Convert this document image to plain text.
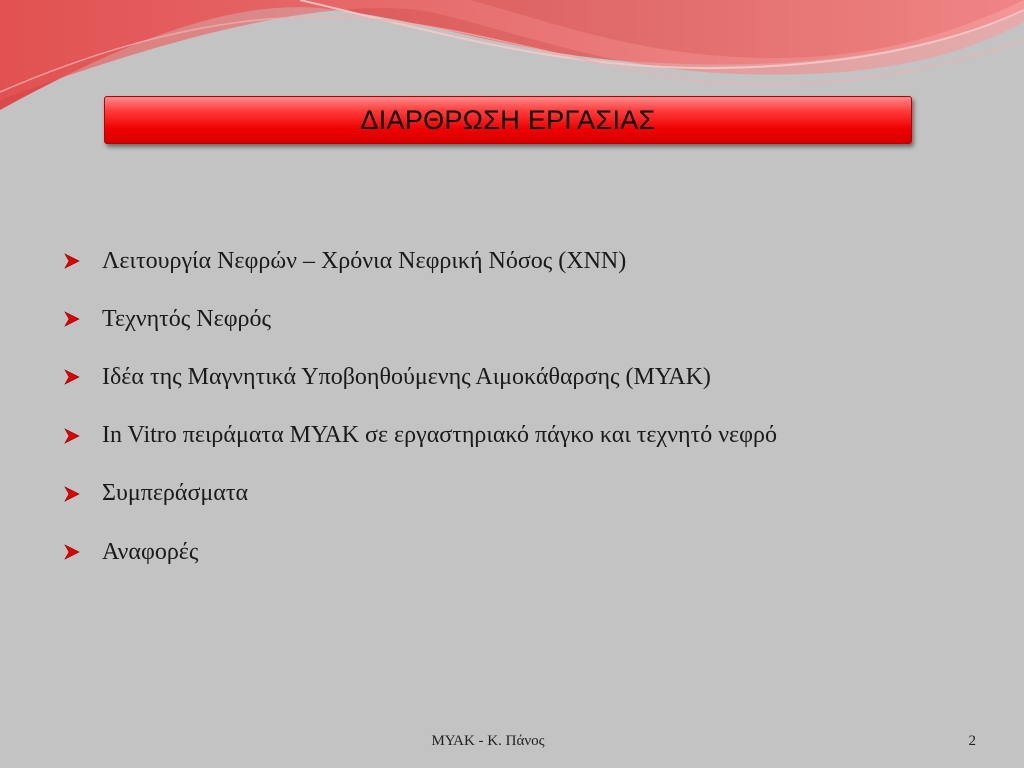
ΔΙΑΡΘΡΩΣΗ ΕΡΓΑΣΙΑΣ
Λειτουργία Νεφρών – Χρόνια Νεφρική Νόσος (ΧΝΝ)
Τεχνητός Νεφρός
Ιδέα της Μαγνητικά Υποβοηθούμενης Αιμοκάθαρσης (ΜΥΑΚ)
In Vitro πειράματα ΜΥΑΚ σε εργαστηριακό πάγκο και τεχνητό νεφρό
Συμπεράσματα
Αναφορές
ΜΥΑΚ - Κ. Πάνος	2
